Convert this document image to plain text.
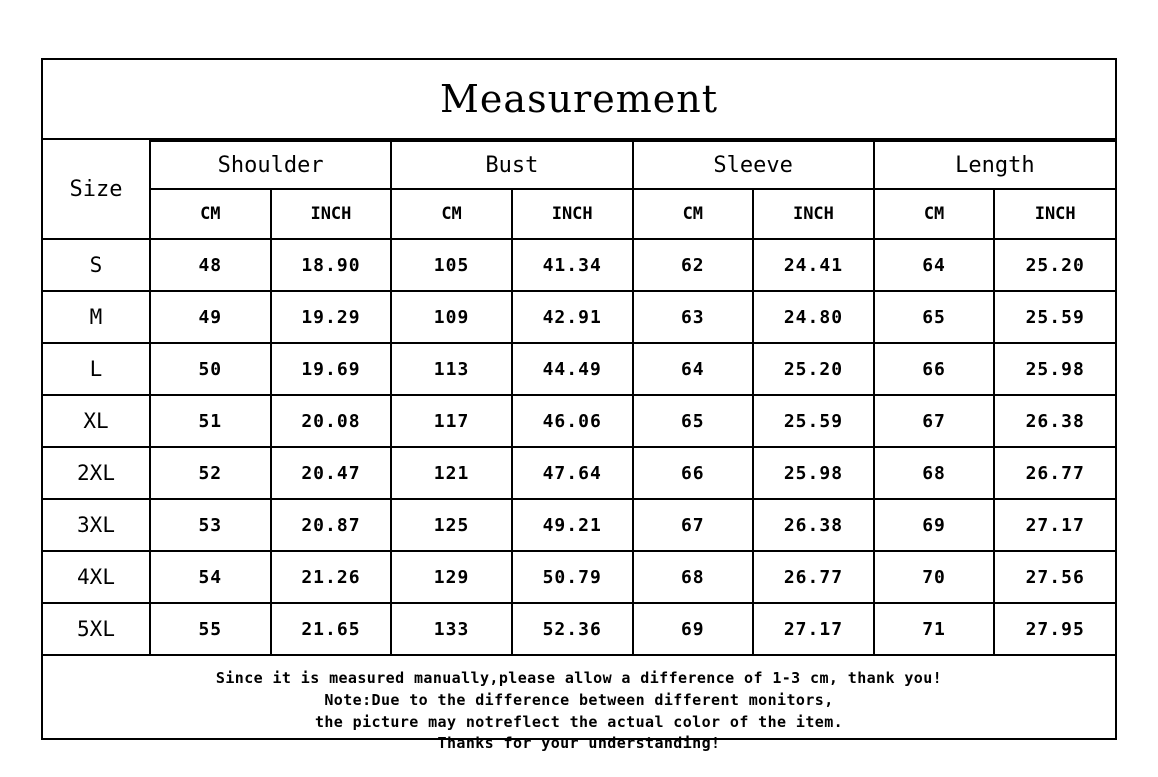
Measurement
Size	Shoulder		Bust		Sleeve		Length	
	CM	INCH	CM	INCH	CM	INCH	CM	INCH
S	48	18.90	105	41.34	62	24.41	64	25.20
M	49	19.29	109	42.91	63	24.80	65	25.59
L	50	19.69	113	44.49	64	25.20	66	25.98
XL	51	20.08	117	46.06	65	25.59	67	26.38
2XL	52	20.47	121	47.64	66	25.98	68	26.77
3XL	53	20.87	125	49.21	67	26.38	69	27.17
4XL	54	21.26	129	50.79	68	26.77	70	27.56
5XL	55	21.65	133	52.36	69	27.17	71	27.95
Since it is measured manually,please allow a difference of 1-3 cm, thank you!
Note:Due to the difference between different monitors,
the picture may notreflect the actual color of the item.
Thanks for your understanding!
